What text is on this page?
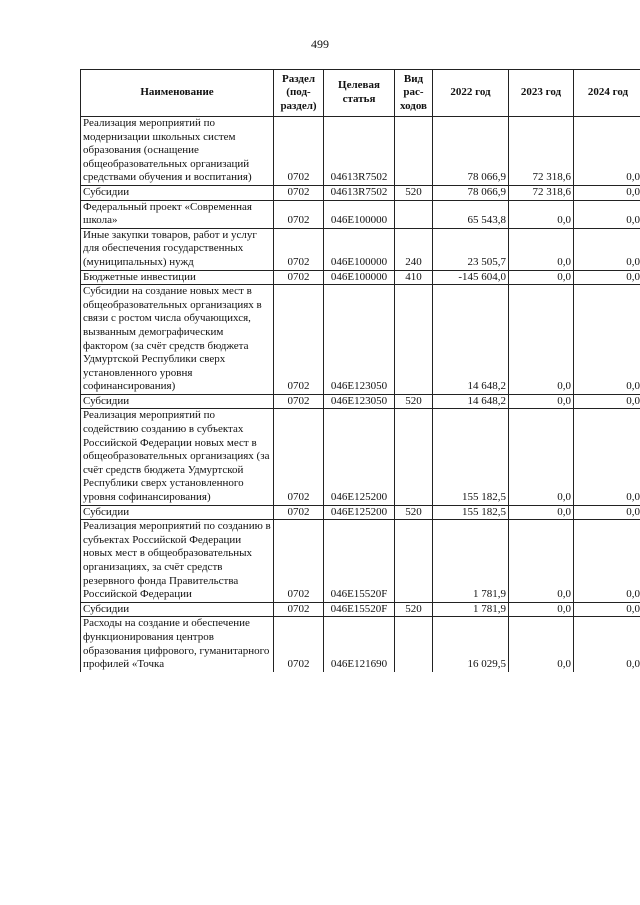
499
Наименование	Раздел (под-раздел)	Целевая статья	Вид рас-ходов	2022 год	2023 год	2024 год
Реализация мероприятий по модернизации школьных систем образования (оснащение общеобразовательных организаций средствами обучения и воспитания)	0702	04613R7502		78 066,9	72 318,6	0,0
Субсидии	0702	04613R7502	520	78 066,9	72 318,6	0,0
Федеральный проект «Современная школа»	0702	046E100000		65 543,8	0,0	0,0
Иные закупки товаров, работ и услуг для обеспечения государственных (муниципальных) нужд	0702	046E100000	240	23 505,7	0,0	0,0
Бюджетные инвестиции	0702	046E100000	410	-145 604,0	0,0	0,0
Субсидии на создание новых мест в общеобразовательных организациях в связи с ростом числа обучающихся, вызванным демографическим фактором (за счёт средств бюджета Удмуртской Республики сверх установленного уровня софинансирования)	0702	046E123050		14 648,2	0,0	0,0
Субсидии	0702	046E123050	520	14 648,2	0,0	0,0
Реализация мероприятий по содействию созданию в субъектах Российской Федерации новых мест в общеобразовательных организациях (за счёт средств бюджета Удмуртской Республики сверх установленного уровня софинансирования)	0702	046E125200		155 182,5	0,0	0,0
Субсидии	0702	046E125200	520	155 182,5	0,0	0,0
Реализация мероприятий по созданию в субъектах Российской Федерации новых мест в общеобразовательных организациях, за счёт средств резервного фонда Правительства Российской Федерации	0702	046E15520F		1 781,9	0,0	0,0
Субсидии	0702	046E15520F	520	1 781,9	0,0	0,0
Расходы на создание и обеспечение функционирования центров образования цифрового, гуманитарного профилей «Точка	0702	046E121690		16 029,5	0,0	0,0
